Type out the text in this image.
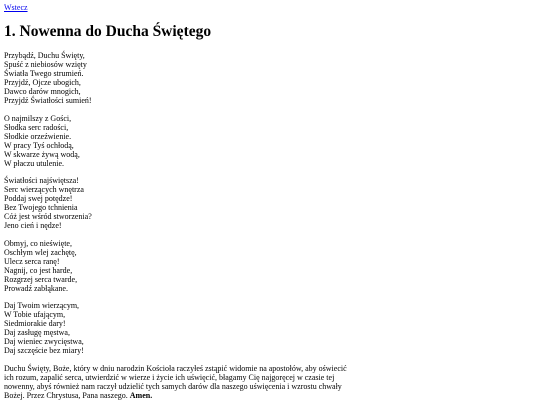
Wstecz
1. Nowenna do Ducha Świętego
Przybądź, Duchu Święty,
Spuść z niebiosów wzięty
Światła Twego strumień.
Przyjdź, Ojcze ubogich,
Dawco darów mnogich,
Przyjdź Światłości sumień!
O najmilszy z Gości,
Słodka serc radości,
Słodkie orzeźwienie.
W pracy Tyś ochłodą,
W skwarze żywą wodą,
W płaczu utulenie.
Światłości najświętsza!
Serc wierzących wnętrza
Poddaj swej potędze!
Bez Twojego tchnienia
Cóż jest wśród stworzenia?
Jeno cień i nędze!
Obmyj, co nieświęte,
Oschłym wlej zachętę,
Ulecz serca ranę!
Nagnij, co jest harde,
Rozgrzej serca twarde,
Prowadź zabłąkane.
Daj Twoim wierzącym,
W Tobie ufającym,
Siedmiorakie dary!
Daj zasługę męstwa,
Daj wieniec zwycięstwa,
Daj szczęście bez miary!

Duchu Święty, Boże, który w dniu narodzin Kościoła raczyłeś zstąpić widomie na apostołów, aby oświecić ich rozum, zapalić serca, utwierdzić w wierze i życie ich uświęcić, błagamy Cię najgoręcej w czasie tej nowenny, abyś również nam raczył udzielić tych samych darów dla naszego uświęcenia i wzrostu chwały Bożej. Przez Chrystusa, Pana naszego. Amen.
